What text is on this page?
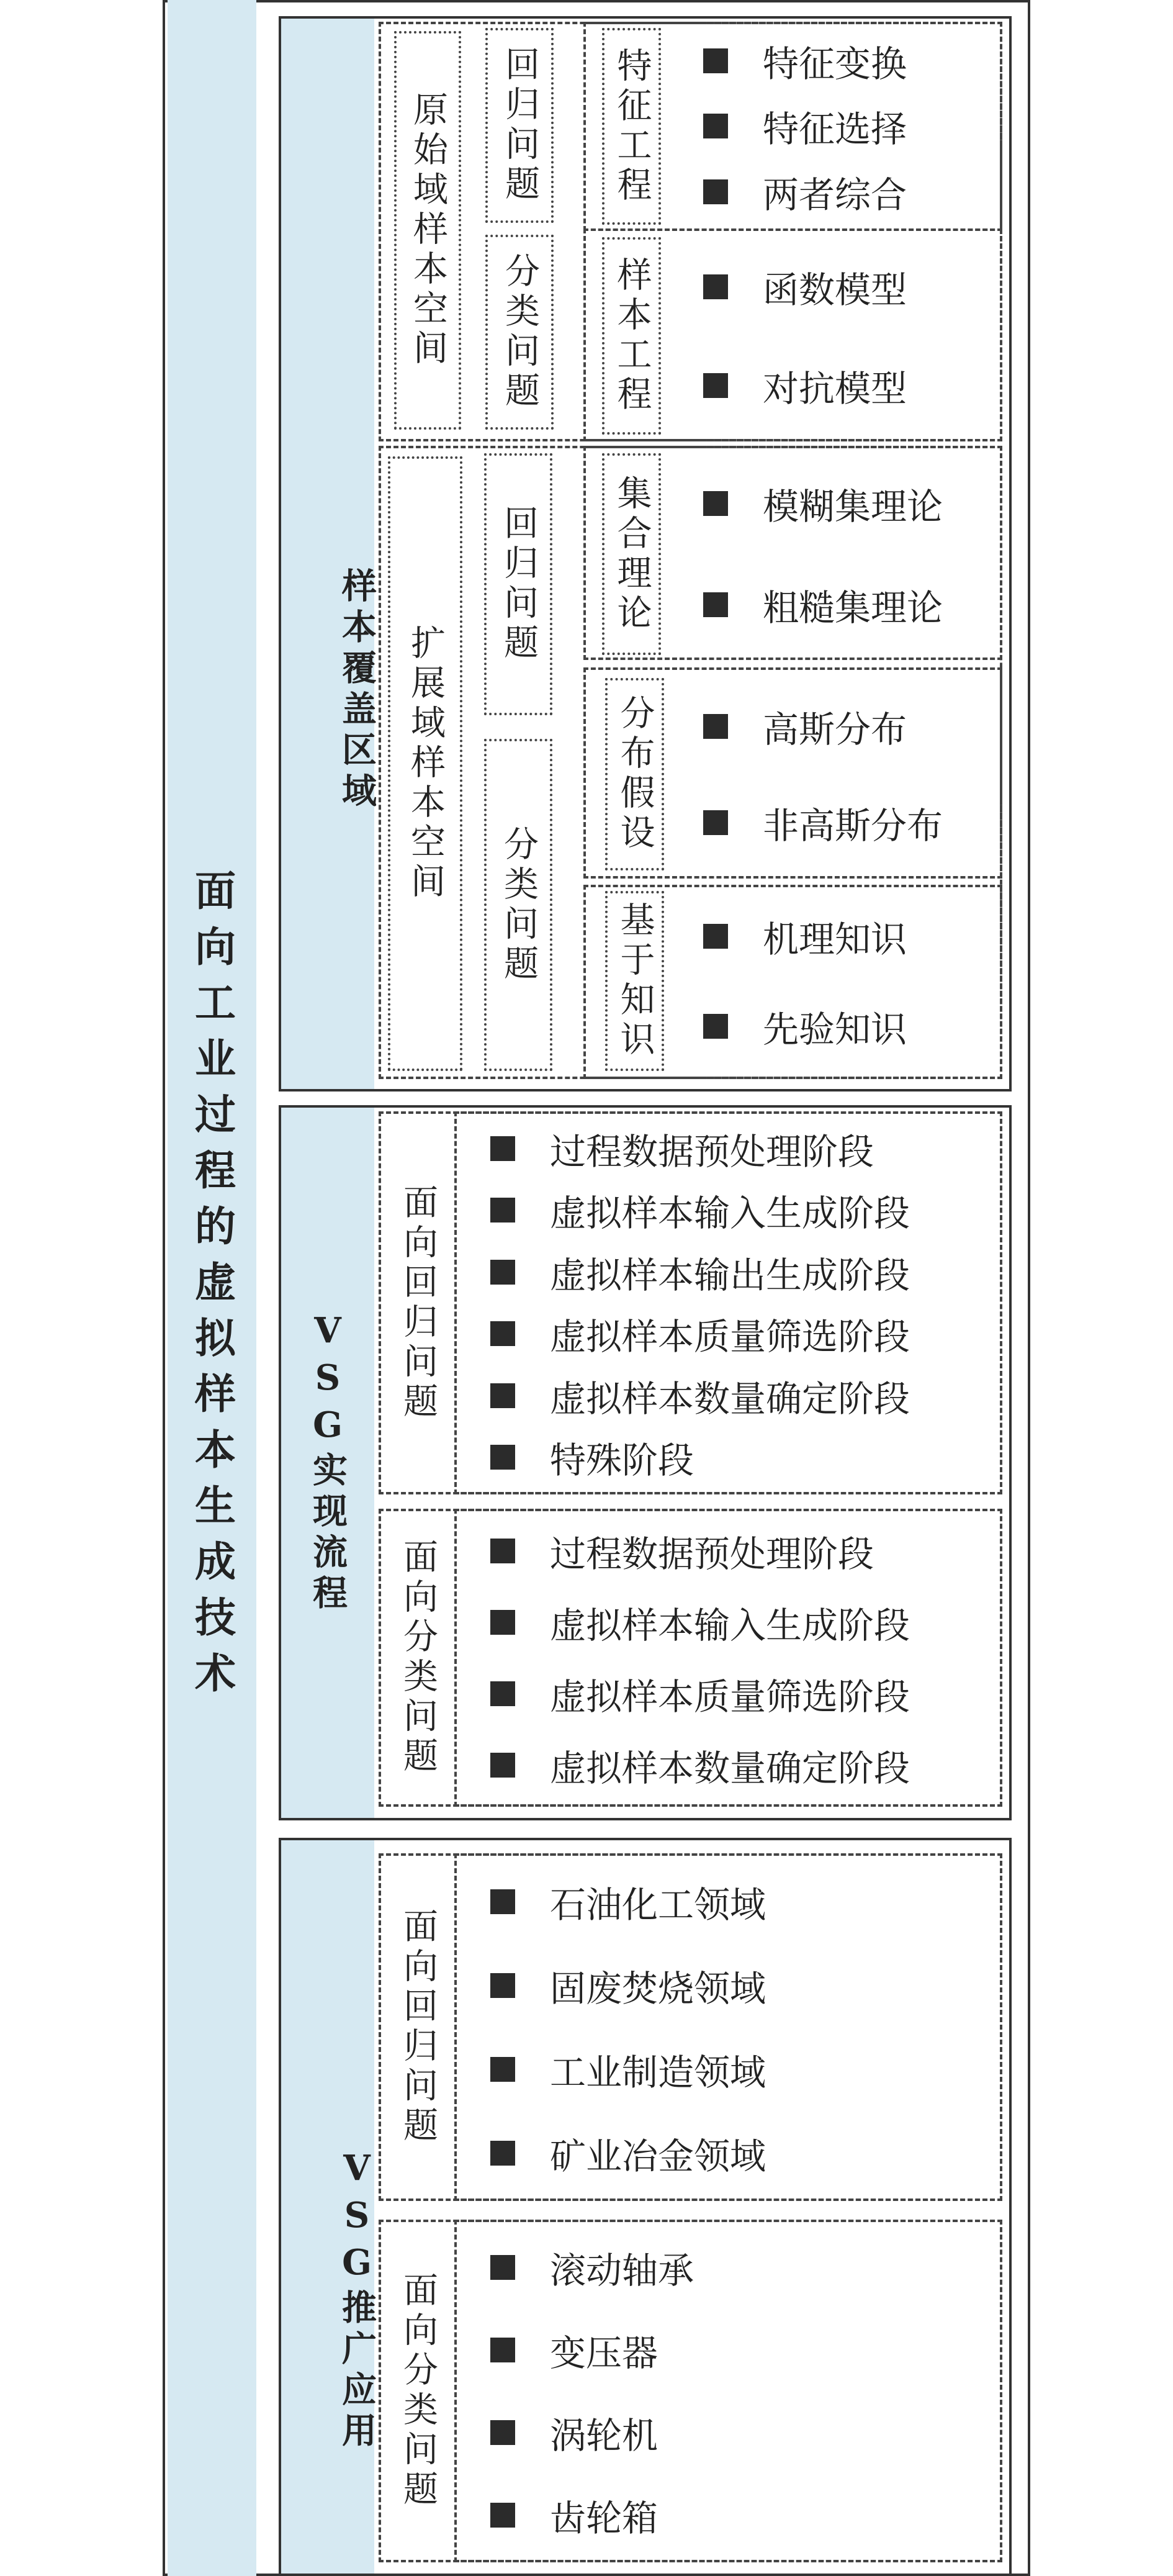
面向工业过程的虚拟样本生成技术
样本覆盖区域
原始域样本空间	回归问题
分类问题
特征工程	特征变换
特征选择
两者综合
样本工程	函数模型
对抗模型
扩展域样本空间
回归问题
分类问题
集合理论	模糊集理论
粗糙集理论
分布假设	高斯分布
非高斯分布
基于知识	机理知识
先验知识
VSG实现流程
面向回归问题
过程数据预处理阶段
虚拟样本输入生成阶段
虚拟样本输出生成阶段
虚拟样本质量筛选阶段
虚拟样本数量确定阶段
特殊阶段
面向分类问题	过程数据预处理阶段
虚拟样本输入生成阶段
虚拟样本质量筛选阶段
虚拟样本数量确定阶段
VSG推广应用
面向回归问题
石油化工领域
固废焚烧领域
工业制造领域
矿业冶金领域
面向分类问题
滚动轴承
变压器
涡轮机
齿轮箱
